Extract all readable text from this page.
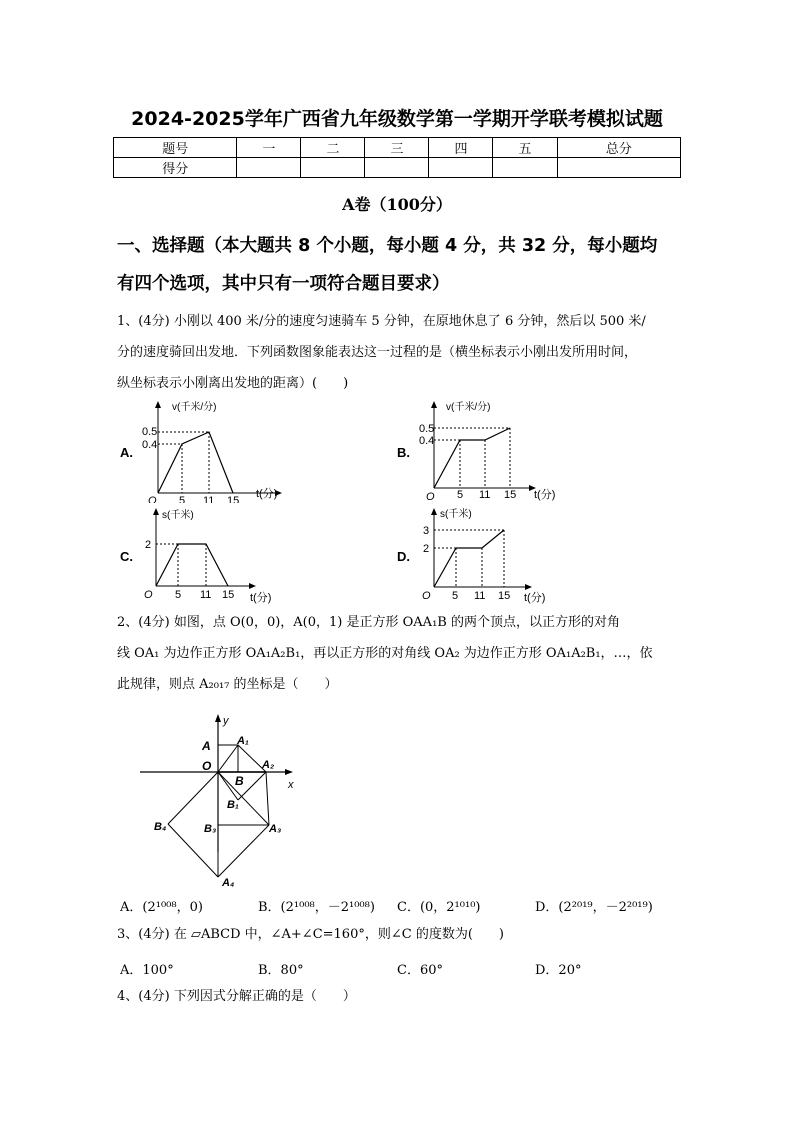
2024-2025学年广西省九年级数学第一学期开学联考模拟试题
题号	一	二	三	四	五	总分
得分						
A卷（100分）
一、选择题（本大题共 8 个小题，每小题 4 分，共 32 分，每小题均
有四个选项，其中只有一项符合题目要求）
1、(4分) 小刚以 400 米/分的速度匀速骑车 5 分钟，在原地休息了 6 分钟，然后以 500 米/
分的速度骑回出发地．下列函数图象能表达这一过程的是（横坐标表示小刚出发所用时间，
纵坐标表示小刚离出发地的距离）(　　)
A.
v(千米/分)
0.5
0.4
O 5 11 15
t(分)
B.
v(千米/分)
0.5
0.4
O 5 11 15 t(分)
C.
s(千米)
2
O 5 11 15 t(分)
D.
s(千米)
3
2
O 5 11 15 t(分)
2、(4分) 如图，点 O(0，0)，A(0，1) 是正方形 OAA₁B 的两个顶点，以正方形的对角
线 OA₁ 为边作正方形 OA₁A₂B₁，再以正方形的对角线 OA₂ 为边作正方形 OA₁A₂B₁，…，依
此规律，则点 A₂₀₁₇ 的坐标是（　　）
y
A A₁
O
B
A₂
x
B₁
B₄	B₃	A₃
A₄
A．(2¹⁰⁰⁸，0)	B．(2¹⁰⁰⁸，－2¹⁰⁰⁸) C．(0，2¹⁰¹⁰)	D．(2²⁰¹⁹，－2²⁰¹⁹)
3、(4分) 在 ▱ABCD 中，∠A+∠C=160°，则∠C 的度数为(　　)
A．100°	B．80°	C．60°	D．20°
4、(4分) 下列因式分解正确的是（　　）
